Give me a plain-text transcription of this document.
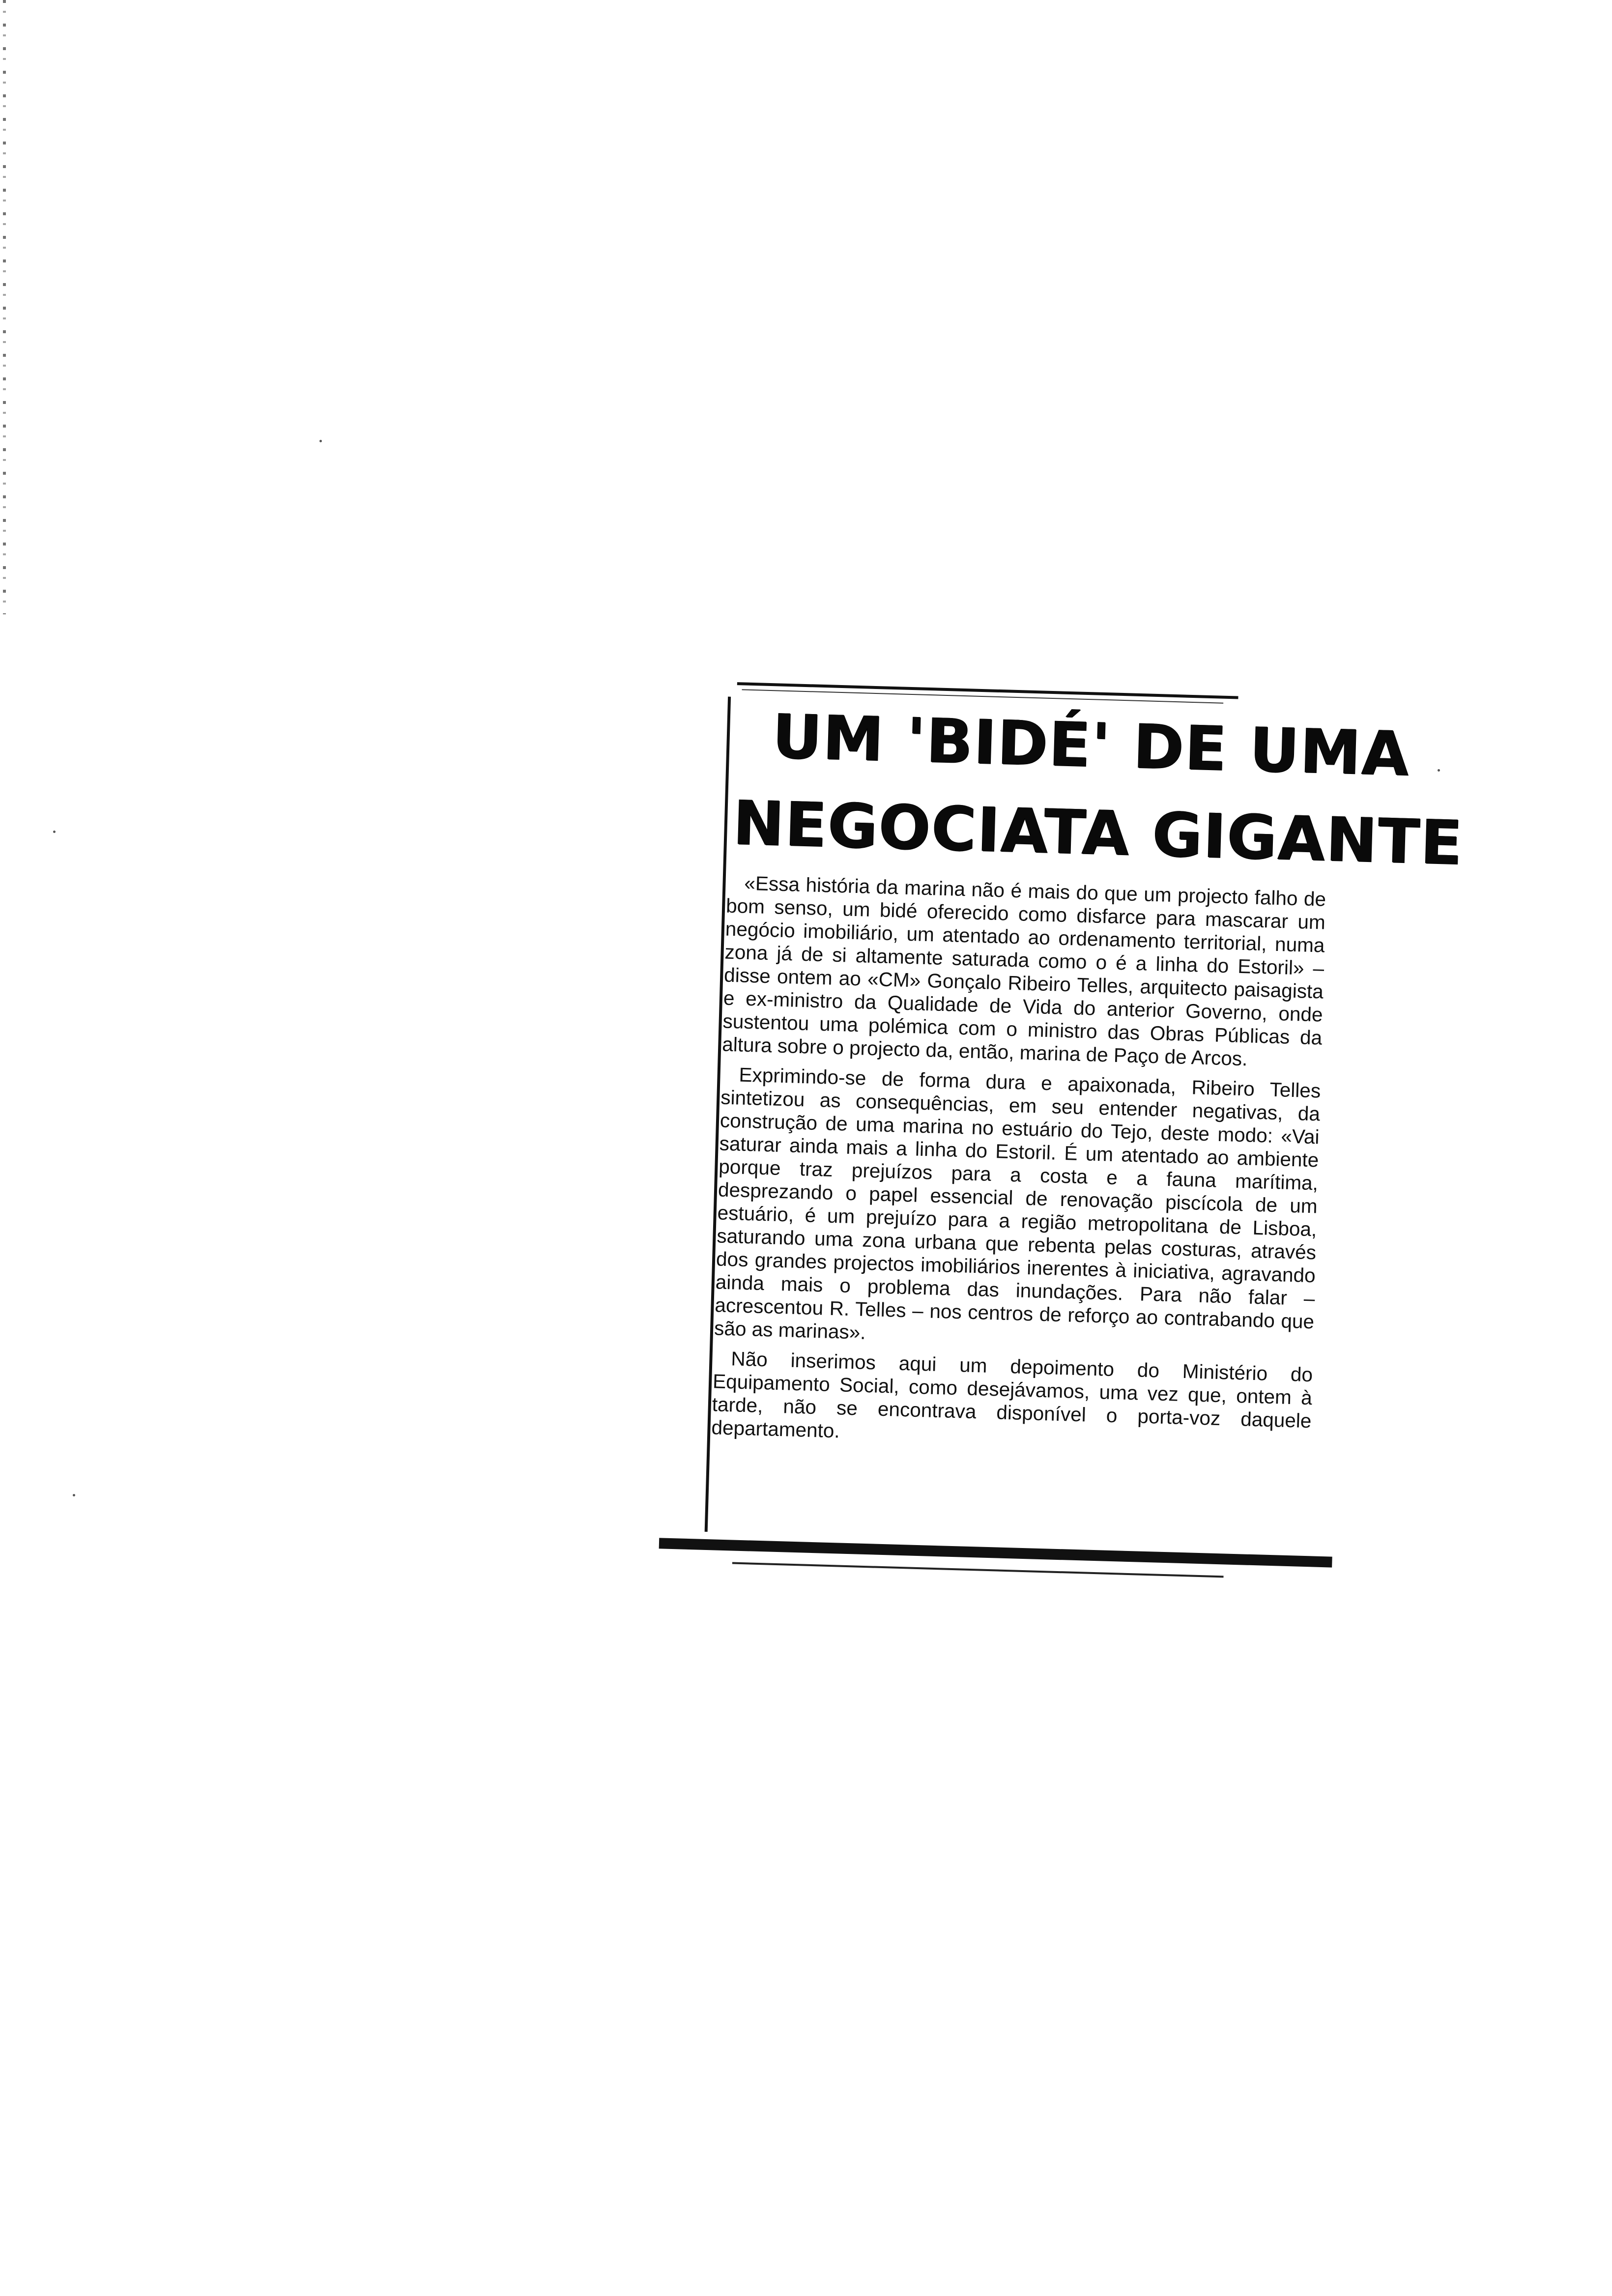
UM 'BIDÉ' DE UMA
NEGOCIATA GIGANTE

«Essa história da marina não é mais do que um projecto falho de bom senso, um bidé oferecido como disfarce para mascarar um negócio imobiliário, um atentado ao ordenamento territorial, numa zona já de si altamente saturada como o é a linha do Estoril» – disse ontem ao «CM» Gonçalo Ribeiro Telles, arquitecto paisagista e ex-ministro da Qualidade de Vida do anterior Governo, onde sustentou uma polémica com o ministro das Obras Públicas da altura sobre o projecto da, então, marina de Paço de Arcos.

Exprimindo-se de forma dura e apaixonada, Ribeiro Telles sintetizou as consequências, em seu entender negativas, da construção de uma marina no estuário do Tejo, deste modo: «Vai saturar ainda mais a linha do Estoril. É um atentado ao ambiente porque traz prejuízos para a costa e a fauna marítima, desprezando o papel essencial de renovação piscícola de um estuário, é um prejuízo para a região metropolitana de Lisboa, saturando uma zona urbana que rebenta pelas costuras, através dos grandes projectos imobiliários inerentes à iniciativa, agravando ainda mais o problema das inundações. Para não falar – acrescentou R. Telles – nos centros de reforço ao contrabando que são as marinas».

Não inserimos aqui um depoimento do Ministério do Equipamento Social, como desejávamos, uma vez que, ontem à tarde, não se encontrava disponível o porta-voz daquele departamento.
